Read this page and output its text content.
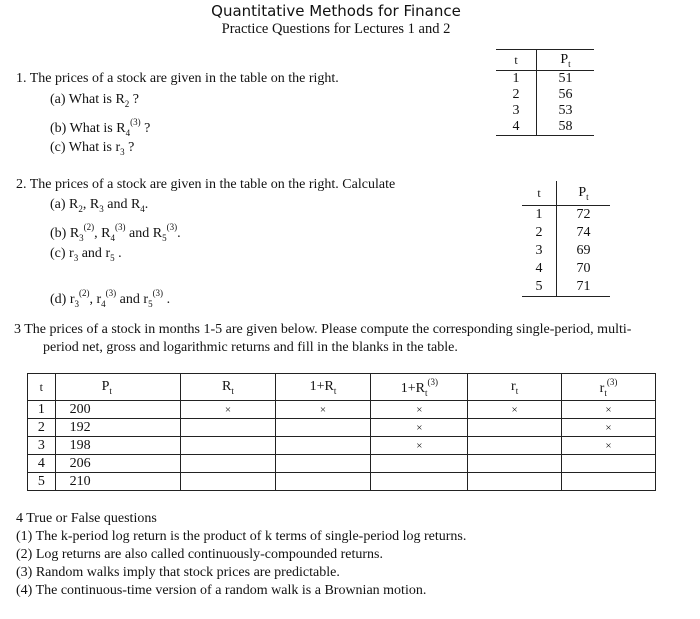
Quantitative Methods for Finance
Practice Questions for Lectures 1 and 2
1. The prices of a stock are given in the table on the right.
(a) What is $R_2$ ?
(b) What is $R_4^{(3)}$ ?
(c) What is $r_3$ ?
t	$P_t$
1	51
2	56
3	53
4	58
2. The prices of a stock are given in the table on the right. Calculate
(a) $R_2$, $R_3$ and $R_4$.
(b) $R_3^{(2)}$, $R_4^{(3)}$ and $R_5^{(3)}$.
(c) $r_3$ and $r_5$ .
(d) $r_3^{(2)}$, $r_4^{(3)}$ and $r_5^{(3)}$ .
t	$P_t$
1	72
2	74
3	69
4	70
5	71
3 The prices of a stock in months 1-5 are given below. Please compute the corresponding single-period, multi-
period net, gross and logarithmic returns and fill in the blanks in the table.
t	$P_t$	$R_t$	$1+R_t$	$1+R_t^{(3)}$	$r_t$	$r_t^{(3)}$
1	200	×	×	×	×	×
2	192			×		×
3	198			×		×
4	206					
5	210					
4 True or False questions
(1) The k-period log return is the product of k terms of single-period log returns.
(2) Log returns are also called continuously-compounded returns.
(3) Random walks imply that stock prices are predictable.
(4) The continuous-time version of a random walk is a Brownian motion.
